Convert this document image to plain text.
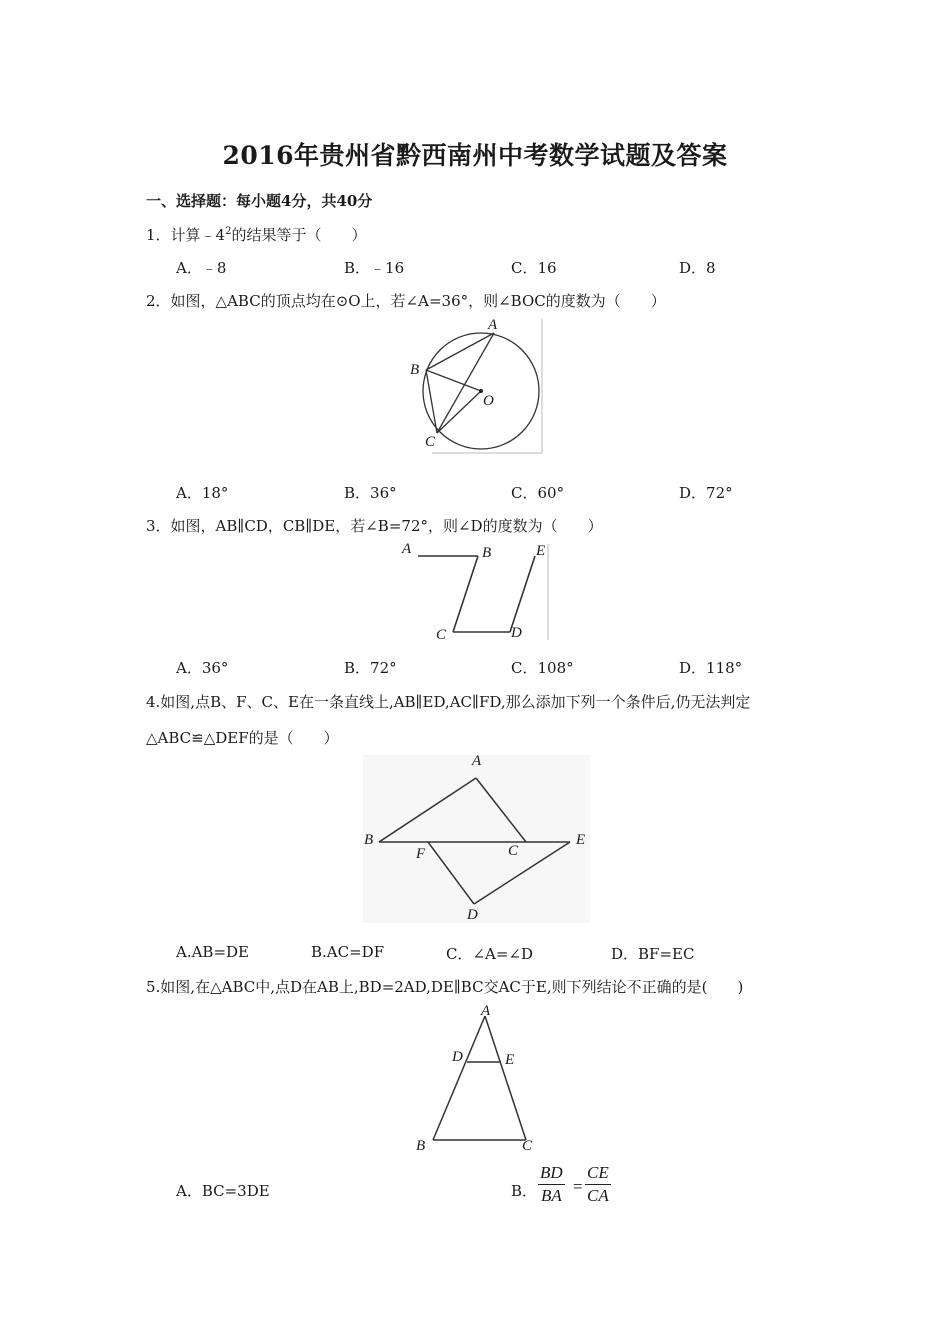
2016年贵州省黔西南州中考数学试题及答案
一、选择题：每小题4分，共40分
1．计算$﹣4^2$的结果等于（　　）
A．﹣8	B．﹣16	C．16	D．8
2．如图，△ABC的顶点均在⊙O上，若∠A=36°，则∠BOC的度数为（　　）
A
B
O
C
A．18°	B．36°	C．60°	D．72°
3．如图，AB∥CD，CB∥DE，若∠B=72°，则∠D的度数为（　　）
A	B	E
C	D
A．36°	B．72°	C．108°	D．118°
4.如图,点B、F、C、E在一条直线上,AB∥ED,AC∥FD,那么添加下列一个条件后,仍无法判定
△ABC≌△DEF的是（　　）
A
B
F	C
E
D
A.AB=DE	B.AC=DF	C．∠A=∠D	D．BF=EC
5.如图,在△ABC中,点D在AB上,BD=2AD,DE∥BC交AC于E,则下列结论不正确的是(　　)
A
D	E
B	C
A．BC=3DE	B． $\frac{BD}{BA} = \frac{CE}{CA}$
